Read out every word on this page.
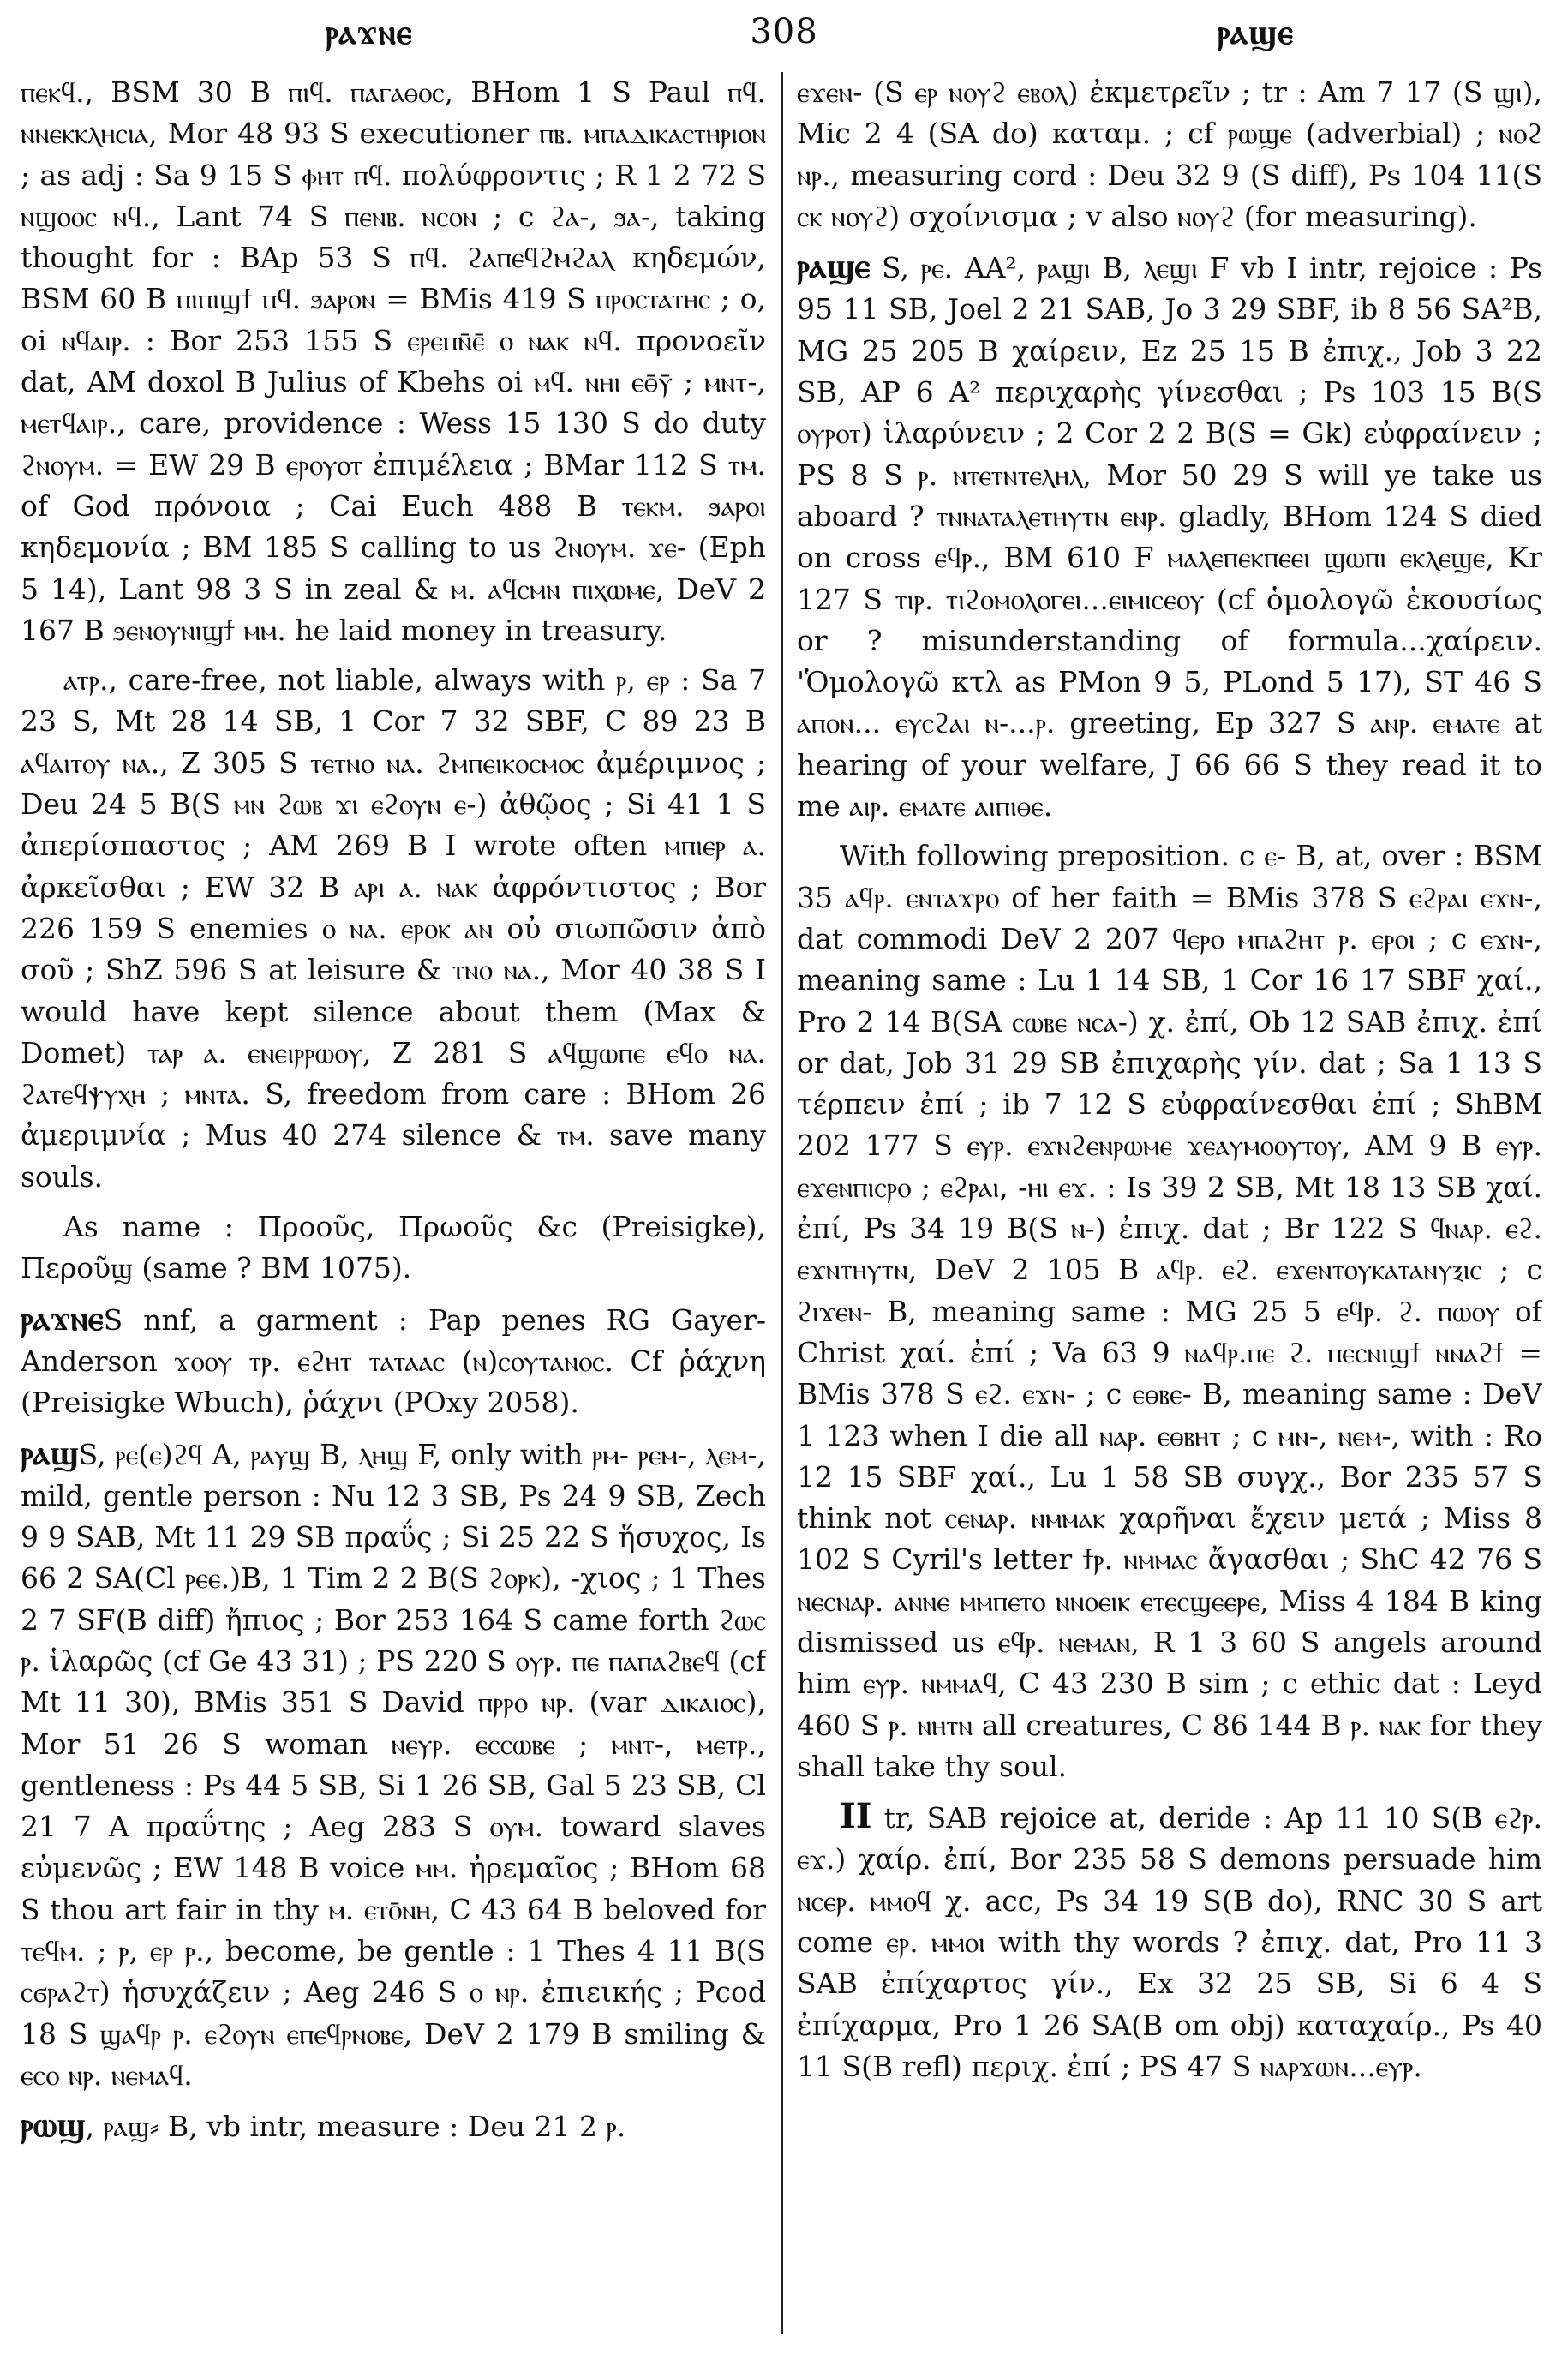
308
ⲣⲁϫⲛⲉ	ⲣⲁϣⲉ

ⲡⲉⲕϥ., BSM 30 B ⲡⲓϥ. ⲡⲁⲅⲁⲑⲟⲥ, BHom 1 S Paul ⲡϥ. ⲛⲛⲉⲕⲕⲗⲏⲥⲓⲁ, Mor 48 93 S executioner ⲡⲃ. ⲙⲡⲁⲇⲓⲕⲁⲥⲧⲏⲣⲓⲟⲛ ; as adj : Sa 9 15 S ⲫⲏⲧ ⲡϥ. πολύφροντις ; R 1 2 72 S ⲛϣⲟⲟⲥ ⲛϥ., Lant 74 S ⲡⲉⲛⲃ. ⲛⲥⲟⲛ ; c ϩⲁ-, ϧⲁ-, taking thought for : BAp 53 S ⲡϥ. ϩⲁⲡⲉϥϩⲙϩⲁⲗ κηδεμών, BSM 60 B ⲡⲓⲡⲓϣϯ ⲡϥ. ϧⲁⲣⲟⲛ = BMis 419 S ⲡⲣⲟⲥⲧⲁⲧⲏⲥ ; o, oi ⲛϥⲁⲓⲣ. : Bor 253 155 S ⲉⲣⲉⲡⲛ̄ⲉ̄ ⲟ ⲛⲁⲕ ⲛϥ. προνοεῖν dat, AM doxol B Julius of Kbehs oi ⲙϥ. ⲛⲏⲓ ⲉⲑ̄ⲩ̄ ; ⲙⲛⲧ-, ⲙⲉⲧϥⲁⲓⲣ., care, providence : Wess 15 130 S do duty ϩⲛⲟⲩⲙ. = EW 29 B ⲉⲣⲟⲩⲟⲧ ἐπιμέλεια ; BMar 112 S ⲧⲙ. of God πρόνοια ; Cai Euch 488 B ⲧⲉⲕⲙ. ϧⲁⲣⲟⲓ κηδεμονία ; BM 185 S calling to us ϩⲛⲟⲩⲙ. ϫⲉ- (Eph 5 14), Lant 98 3 S in zeal & ⲙ. ⲁϥⲥⲙⲛ ⲡⲓⲭⲱⲙⲉ, DeV 2 167 B ϧⲉⲛⲟⲩⲛⲓϣϯ ⲙⲙ. he laid money in treasury.

ⲁⲧⲣ., care-free, not liable, always with ⲣ, ⲉⲣ : Sa 7 23 S, Mt 28 14 SB, 1 Cor 7 32 SBF, C 89 23 B ⲁϥⲁⲓⲧⲟⲩ ⲛⲁ., Z 305 S ⲧⲉⲧⲛⲟ ⲛⲁ. ϩⲙⲡⲉⲓⲕⲟⲥⲙⲟⲥ ἀμέριμνος ; Deu 24 5 B(S ⲙⲛ ϩⲱⲃ ϫⲓ ⲉϩⲟⲩⲛ ⲉ-) ἀθῷος ; Si 41 1 S ἀπερίσπαστος ; AM 269 B I wrote often ⲙⲡⲓⲉⲣ ⲁ. ἀρκεῖσθαι ; EW 32 B ⲁⲣⲓ ⲁ. ⲛⲁⲕ ἀφρόντιστος ; Bor 226 159 S enemies ⲟ ⲛⲁ. ⲉⲣⲟⲕ ⲁⲛ οὐ σιωπῶσιν ἀπὸ σοῦ ; ShZ 596 S at leisure & ⲧⲛⲟ ⲛⲁ., Mor 40 38 S I would have kept silence about them (Max & Domet) ⲧⲁⲣ ⲁ. ⲉⲛⲉⲓⲣⲣⲱⲟⲩ, Z 281 S ⲁϥϣⲱⲡⲉ ⲉϥⲟ ⲛⲁ. ϩⲁⲧⲉϥⲯⲩⲭⲏ ; ⲙⲛⲧⲁ. S, freedom from care : BHom 26 ἀμεριμνία ; Mus 40 274 silence & ⲧⲙ. save many souls.

As name : Προοῦς, Πρωοῦς &c (Preisigke), Περοῦϣ (same ? BM 1075).

ⲣⲁϫⲛⲉS nnf, a garment : Pap penes RG Gayer-Anderson ϫⲟⲟⲩ ⲧⲣ. ⲉϩⲏⲧ ⲧⲁⲧⲁⲁⲥ (ⲛ)ⲥⲟⲩⲧⲁⲛⲟⲥ. Cf ῥάχνη (Preisigke Wbuch), ῥάχνι (POxy 2058).

ⲣⲁϣS, ⲣⲉ(ⲉ)ϩϥ A, ⲣⲁⲩϣ B, ⲗⲏϣ F, only with ⲣⲙ- ⲣⲉⲙ-, ⲗⲉⲙ-, mild, gentle person : Nu 12 3 SB, Ps 24 9 SB, Zech 9 9 SAB, Mt 11 29 SB πραΰς ; Si 25 22 S ἥσυχος, Is 66 2 SA(Cl ⲣⲉⲉ.)B, 1 Tim 2 2 B(S ϩⲟⲣⲕ), -χιος ; 1 Thes 2 7 SF(B diff) ἤπιος ; Bor 253 164 S came forth ϩⲱⲥ ⲣ. ἱλαρῶς (cf Ge 43 31) ; PS 220 S ⲟⲩⲣ. ⲡⲉ ⲡⲁⲡⲁϩⲃⲉϥ (cf Mt 11 30), BMis 351 S David ⲡⲣⲣⲟ ⲛⲣ. (var ⲇⲓⲕⲁⲓⲟⲥ), Mor 51 26 S woman ⲛⲉⲩⲣ. ⲉⲥⲥⲱⲃⲉ ; ⲙⲛⲧ-, ⲙⲉⲧⲣ., gentleness : Ps 44 5 SB, Si 1 26 SB, Gal 5 23 SB, Cl 21 7 A πραΰτης ; Aeg 283 S ⲟⲩⲙ. toward slaves εὐμενῶς ; EW 148 B voice ⲙⲙ. ἠρεμαῖος ; BHom 68 S thou art fair in thy ⲙ. ⲉⲧⲟ̄ⲛⲏ, C 43 64 B beloved for ⲧⲉϥⲙ. ; ⲣ, ⲉⲣ ⲣ., become, be gentle : 1 Thes 4 11 B(S ⲥϭⲣⲁϩⲧ) ἡσυχάζειν ; Aeg 246 S ⲟ ⲛⲣ. ἐπιεικής ; Pcod 18 S ϣⲁϥⲣ ⲣ. ⲉϩⲟⲩⲛ ⲉⲡⲉϥⲣⲛⲟⲃⲉ, DeV 2 179 B smiling & ⲉⲥⲟ ⲛⲣ. ⲛⲉⲙⲁϥ.

ⲣⲱϣ, ⲣⲁϣ⸗ B, vb intr, measure : Deu 21 2 ⲣ.

ⲉϫⲉⲛ- (S ⲉⲣ ⲛⲟⲩϩ ⲉⲃⲟⲗ) ἐκμετρεῖν ; tr : Am 7 17 (S ϣⲓ), Mic 2 4 (SA do) καταμ. ; cf ⲣⲱϣⲉ (adverbial) ; ⲛⲟϩ ⲛⲣ., measuring cord : Deu 32 9 (S diff), Ps 104 11(S ⲥⲕ ⲛⲟⲩϩ) σχοίνισμα ; v also ⲛⲟⲩϩ (for measuring).

ⲣⲁϣⲉ S, ⲣⲉ. AA², ⲣⲁϣⲓ B, ⲗⲉϣⲓ F vb I intr, rejoice : Ps 95 11 SB, Joel 2 21 SAB, Jo 3 29 SBF, ib 8 56 SA²B, MG 25 205 B χαίρειν, Ez 25 15 B ἐπιχ., Job 3 22 SB, AP 6 A² περιχαρὴς γίνεσθαι ; Ps 103 15 B(S ⲟⲩⲣⲟⲧ) ἱλαρύνειν ; 2 Cor 2 2 B(S = Gk) εὐφραίνειν ; PS 8 S ⲣ. ⲛⲧⲉⲧⲛⲧⲉⲗⲏⲗ, Mor 50 29 S will ye take us aboard ? ⲧⲛⲛⲁⲧⲁⲗⲉⲧⲏⲩⲧⲛ ⲉⲛⲣ. gladly, BHom 124 S died on cross ⲉϥⲣ., BM 610 F ⲙⲁⲗⲉⲡⲉⲕⲡⲉⲉⲓ ϣⲱⲡⲓ ⲉⲕⲗⲉϣⲉ, Kr 127 S ⲧⲓⲣ. ⲧⲓϩⲟⲙⲟⲗⲟⲅⲉⲓ...ⲉⲓⲙⲓⲥⲉⲟⲩ (cf ὁμολογῶ ἑκουσίως or ? misunderstanding of formula...χαίρειν. 'Ὁμολογῶ κτλ as PMon 9 5, PLond 5 17), ST 46 S ⲁⲡⲟⲛ... ⲉⲩⲥϩⲁⲓ ⲛ-...ⲣ. greeting, Ep 327 S ⲁⲛⲣ. ⲉⲙⲁⲧⲉ at hearing of your welfare, J 66 66 S they read it to me ⲁⲓⲣ. ⲉⲙⲁⲧⲉ ⲁⲓⲡⲓⲑⲉ.

With following preposition. c ⲉ- B, at, over : BSM 35 ⲁϥⲣ. ⲉⲛⲧⲁϫⲣⲟ of her faith = BMis 378 S ⲉϩⲣⲁⲓ ⲉϫⲛ-, dat commodi DeV 2 207 ϥⲉⲣⲟ ⲙⲡⲁϩⲏⲧ ⲣ. ⲉⲣⲟⲓ ; c ⲉϫⲛ-, meaning same : Lu 1 14 SB, 1 Cor 16 17 SBF χαί., Pro 2 14 B(SA ⲥⲱⲃⲉ ⲛⲥⲁ-) χ. ἐπί, Ob 12 SAB ἐπιχ. ἐπί or dat, Job 31 29 SB ἐπιχαρὴς γίν. dat ; Sa 1 13 S τέρπειν ἐπί ; ib 7 12 S εὐφραίνεσθαι ἐπί ; ShBM 202 177 S ⲉⲩⲣ. ⲉϫⲛϩⲉⲛⲣⲱⲙⲉ ϫⲉⲁⲩⲙⲟⲟⲩⲧⲟⲩ, AM 9 B ⲉⲩⲣ. ⲉϫⲉⲛⲡⲓⲥⲣⲟ ; ⲉϩⲣⲁⲓ, -ⲏⲓ ⲉϫ. : Is 39 2 SB, Mt 18 13 SB χαί. ἐπί, Ps 34 19 B(S ⲛ-) ἐπιχ. dat ; Br 122 S ϥⲛⲁⲣ. ⲉϩ. ⲉϫⲛⲧⲏⲩⲧⲛ, DeV 2 105 B ⲁϥⲣ. ⲉϩ. ⲉϫⲉⲛⲧⲟⲩⲕⲁⲧⲁⲛⲩⲝⲓⲥ ; c ϩⲓϫⲉⲛ- B, meaning same : MG 25 5 ⲉϥⲣ. ϩ. ⲡⲱⲟⲩ of Christ χαί. ἐπί ; Va 63 9 ⲛⲁϥⲣ.ⲡⲉ ϩ. ⲡⲉⲥⲛⲓϣϯ ⲛⲛⲁϩϯ = BMis 378 S ⲉϩ. ⲉϫⲛ- ; c ⲉⲑⲃⲉ- B, meaning same : DeV 1 123 when I die all ⲛⲁⲣ. ⲉⲑⲃⲏⲧ ; c ⲙⲛ-, ⲛⲉⲙ-, with : Ro 12 15 SBF χαί., Lu 1 58 SB συγχ., Bor 235 57 S think not ⲥⲉⲛⲁⲣ. ⲛⲙⲙⲁⲕ χαρῆναι ἔχειν μετά ; Miss 8 102 S Cyril's letter ϯⲣ. ⲛⲙⲙⲁⲥ ἄγασθαι ; ShC 42 76 S ⲛⲉⲥⲛⲁⲣ. ⲁⲛⲛⲉ ⲙⲙⲡⲉⲧⲟ ⲛⲛⲟⲉⲓⲕ ⲉⲧⲉⲥϣⲉⲉⲣⲉ, Miss 4 184 B king dismissed us ⲉϥⲣ. ⲛⲉⲙⲁⲛ, R 1 3 60 S angels around him ⲉⲩⲣ. ⲛⲙⲙⲁϥ, C 43 230 B sim ; c ethic dat : Leyd 460 S ⲣ. ⲛⲏⲧⲛ all creatures, C 86 144 B ⲣ. ⲛⲁⲕ for they shall take thy soul.

II tr, SAB rejoice at, deride : Ap 11 10 S(B ⲉϩⲣ. ⲉϫ.) χαίρ. ἐπί, Bor 235 58 S demons persuade him ⲛⲥⲉⲣ. ⲙⲙⲟϥ χ. acc, Ps 34 19 S(B do), RNC 30 S art come ⲉⲣ. ⲙⲙⲟⲓ with thy words ? ἐπιχ. dat, Pro 11 3 SAB ἐπίχαρτος γίν., Ex 32 25 SB, Si 6 4 S ἐπίχαρμα, Pro 1 26 SA(B om obj) καταχαίρ., Ps 40 11 S(B refl) περιχ. ἐπί ; PS 47 S ⲛⲁⲣϫⲱⲛ...ⲉⲩⲣ.
